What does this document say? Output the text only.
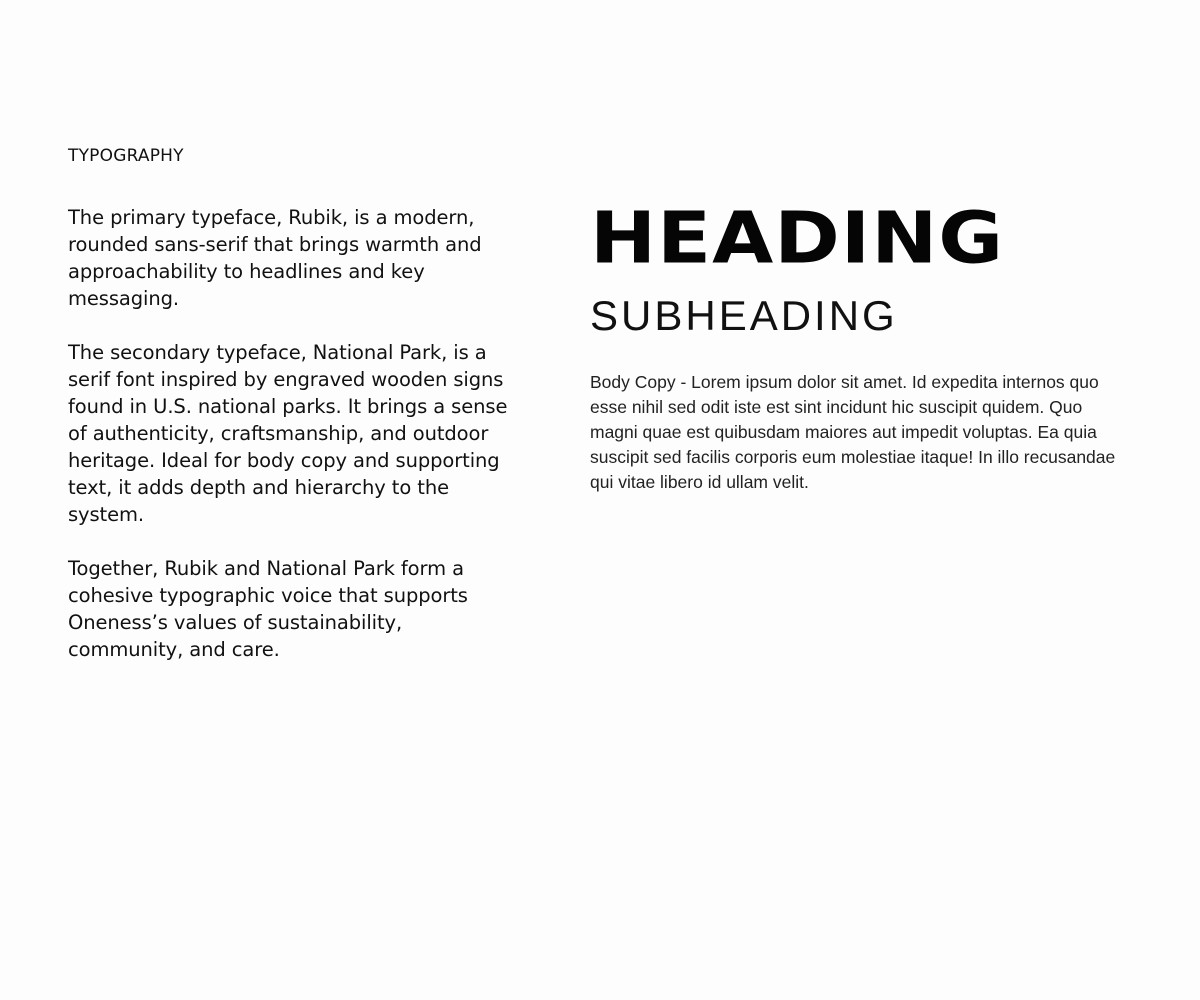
TYPOGRAPHY

The primary typeface, Rubik, is a modern, rounded sans-serif that brings warmth and approachability to headlines and key messaging.

The secondary typeface, National Park, is a serif font inspired by engraved wooden signs found in U.S. national parks. It brings a sense of authenticity, craftsmanship, and outdoor heritage. Ideal for body copy and supporting text, it adds depth and hierarchy to the system.

Together, Rubik and National Park form a cohesive typographic voice that supports Oneness’s values of sustainability, community, and care.

HEADING
SUBHEADING

Body Copy - Lorem ipsum dolor sit amet. Id expedita internos quo esse nihil sed odit iste est sint incidunt hic suscipit quidem. Quo magni quae est quibusdam maiores aut impedit voluptas. Ea quia suscipit sed facilis corporis eum molestiae itaque! In illo recusandae qui vitae libero id ullam velit.
